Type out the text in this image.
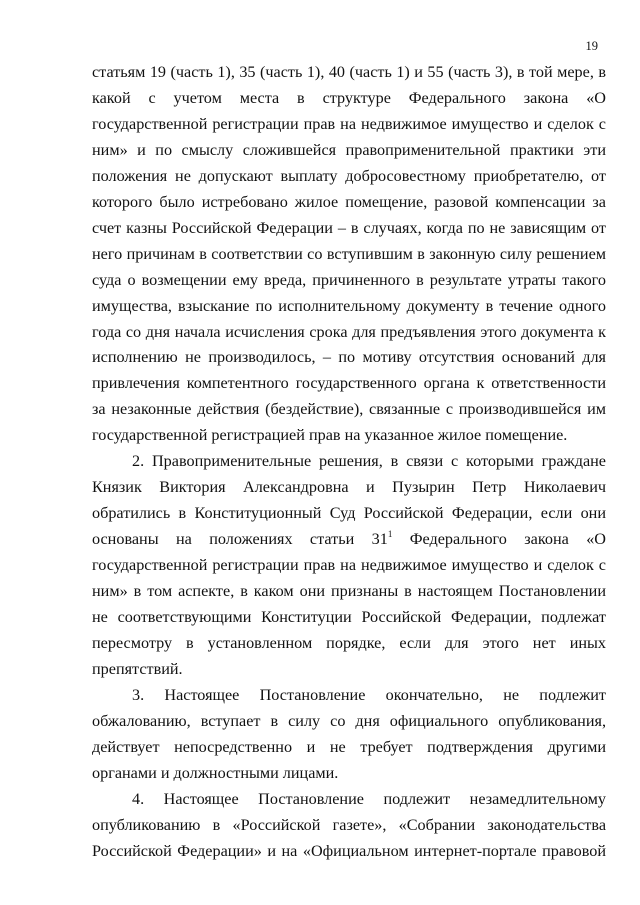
19

статьям 19 (часть 1), 35 (часть 1), 40 (часть 1) и 55 (часть 3), в той мере, в какой с учетом места в структуре Федерального закона «О государственной регистрации прав на недвижимое имущество и сделок с ним» и по смыслу сложившейся правоприменительной практики эти положения не допускают выплату добросовестному приобретателю, от которого было истребовано жилое помещение, разовой компенсации за счет казны Российской Федерации – в случаях, когда по не зависящим от него причинам в соответствии со вступившим в законную силу решением суда о возмещении ему вреда, причиненного в результате утраты такого имущества, взыскание по исполнительному документу в течение одного года со дня начала исчисления срока для предъявления этого документа к исполнению не производилось, – по мотиву отсутствия оснований для привлечения компетентного государственного органа к ответственности за незаконные действия (бездействие), связанные с производившейся им государственной регистрацией прав на указанное жилое помещение.

2. Правоприменительные решения, в связи с которыми граждане Князик Виктория Александровна и Пузырин Петр Николаевич обратились в Конституционный Суд Российской Федерации, если они основаны на положениях статьи $31^1$ Федерального закона «О государственной регистрации прав на недвижимое имущество и сделок с ним» в том аспекте, в каком они признаны в настоящем Постановлении не соответствующими Конституции Российской Федерации, подлежат пересмотру в установленном порядке, если для этого нет иных препятствий.

3. Настоящее Постановление окончательно, не подлежит обжалованию, вступает в силу со дня официального опубликования, действует непосредственно и не требует подтверждения другими органами и должностными лицами.

4. Настоящее Постановление подлежит незамедлительному опубликованию в «Российской газете», «Собрании законодательства Российской Федерации» и на «Официальном интернет-портале правовой
